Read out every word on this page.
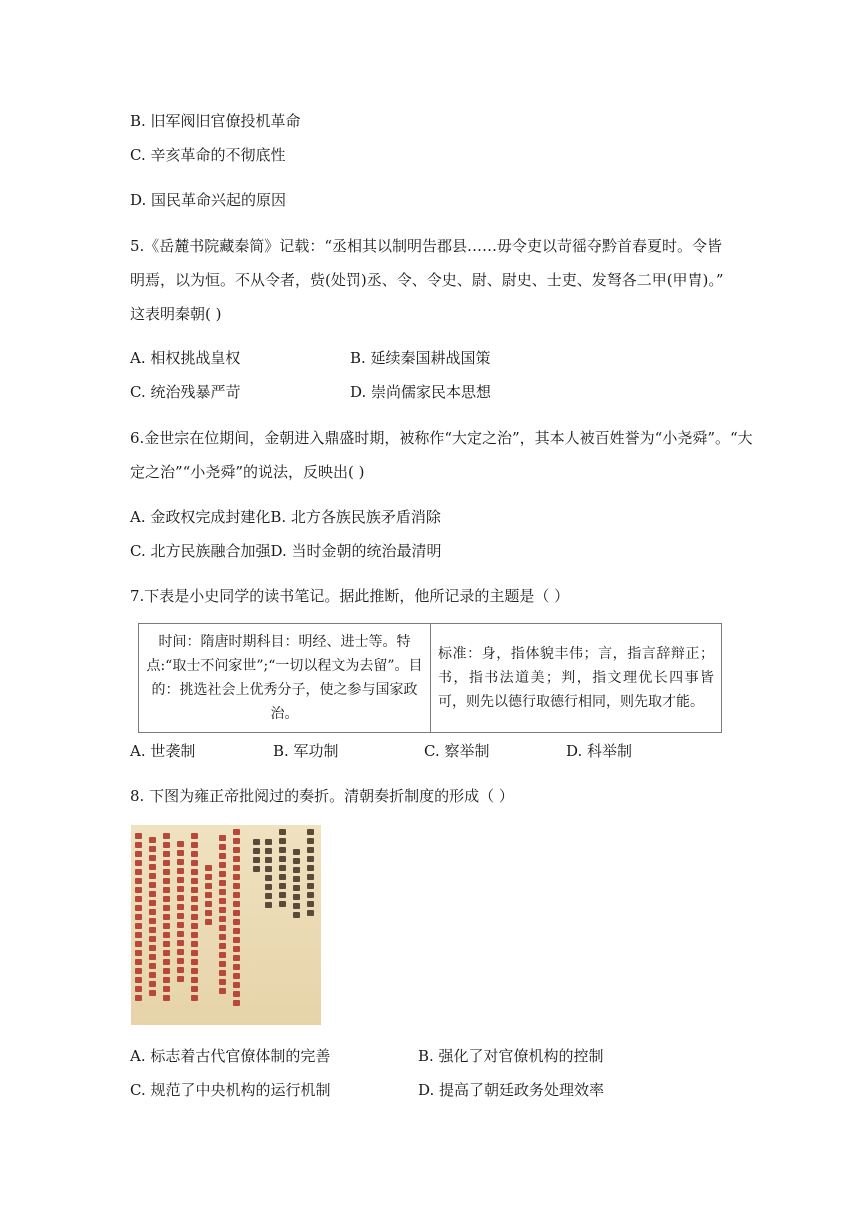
B. 旧军阀旧官僚投机革命
C. 辛亥革命的不彻底性
D. 国民革命兴起的原因
5.《岳麓书院藏秦简》记载：“丞相其以制明告郡县……毋令吏以苛徭夺黔首春夏时。令皆
明焉，以为恒。不从令者，赀(处罚)丞、令、令史、尉、尉史、士吏、发弩各二甲(甲胄)。”
这表明秦朝( )
A. 相权挑战皇权	B. 延续秦国耕战国策
C. 统治残暴严苛	D. 崇尚儒家民本思想
6.金世宗在位期间，金朝进入鼎盛时期，被称作“大定之治”，其本人被百姓誉为“小尧舜”。“大
定之治”“小尧舜”的说法，反映出( )
A. 金政权完成封建化B. 北方各族民族矛盾消除
C. 北方民族融合加强D. 当时金朝的统治最清明
7.下表是小史同学的读书笔记。据此推断，他所记录的主题是（ ）
时间：隋唐时期科目：明经、进士等。特点:“取士不问家世”;“一切以程文为去留”。目的：挑选社会上优秀分子，使之参与国家政治。	标准：身，指体貌丰伟；言，指言辞辩正；书，指书法道美；判，指文理优长四事皆可，则先以德行取德行相同，则先取才能。
A. 世袭制	B. 军功制	C. 察举制	D. 科举制
8. 下图为雍正帝批阅过的奏折。清朝奏折制度的形成（ ）
A. 标志着古代官僚体制的完善	B. 强化了对官僚机构的控制
C. 规范了中央机构的运行机制	D. 提高了朝廷政务处理效率
